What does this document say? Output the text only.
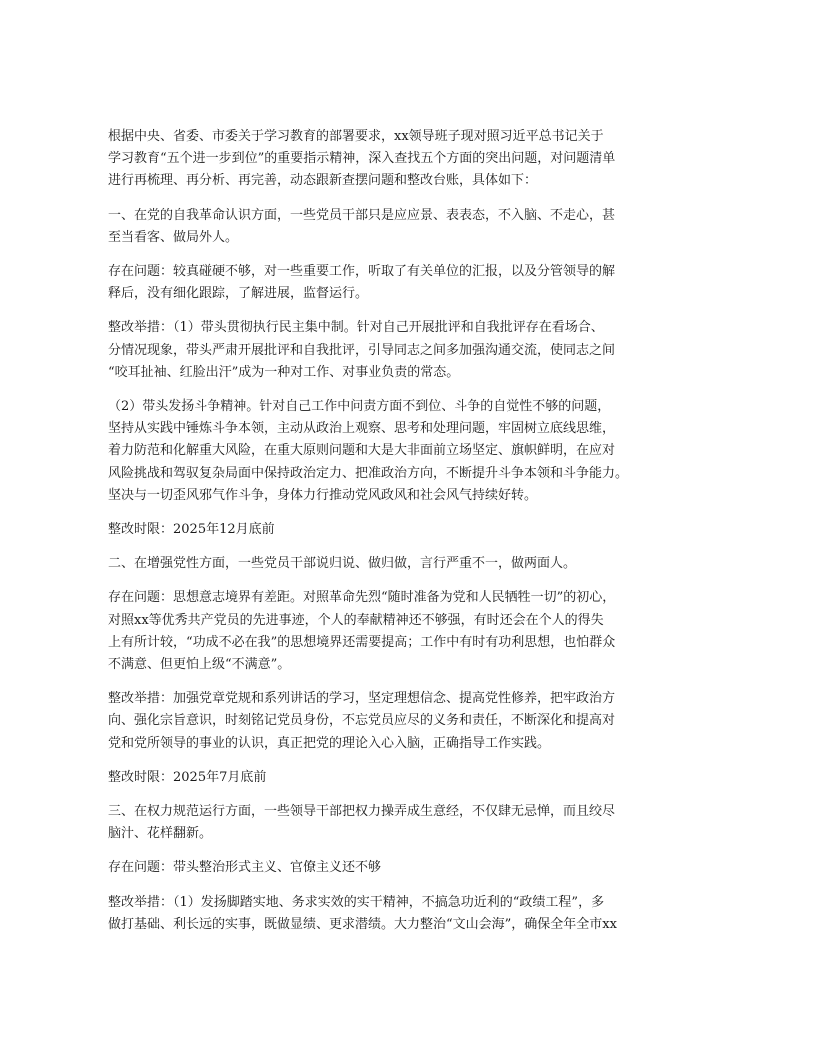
根据中央、省委、市委关于学习教育的部署要求，xx领导班子现对照习近平总书记关于
学习教育“五个进一步到位”的重要指示精神，深入查找五个方面的突出问题，对问题清单
进行再梳理、再分析、再完善，动态跟新查摆问题和整改台账，具体如下：

一、在党的自我革命认识方面，一些党员干部只是应应景、表表态，不入脑、不走心，甚
至当看客、做局外人。

存在问题：较真碰硬不够，对一些重要工作，听取了有关单位的汇报，以及分管领导的解
释后，没有细化跟踪，了解进展，监督运行。

整改举措：（1）带头贯彻执行民主集中制。针对自己开展批评和自我批评存在看场合、
分情况现象，带头严肃开展批评和自我批评，引导同志之间多加强沟通交流，使同志之间
“咬耳扯袖、红脸出汗”成为一种对工作、对事业负责的常态。

（2）带头发扬斗争精神。针对自己工作中问责方面不到位、斗争的自觉性不够的问题，
坚持从实践中锤炼斗争本领，主动从政治上观察、思考和处理问题，牢固树立底线思维，
着力防范和化解重大风险，在重大原则问题和大是大非面前立场坚定、旗帜鲜明，在应对
风险挑战和驾驭复杂局面中保持政治定力、把准政治方向，不断提升斗争本领和斗争能力。
坚决与一切歪风邪气作斗争，身体力行推动党风政风和社会风气持续好转。

整改时限：2025年12月底前

二、在增强党性方面，一些党员干部说归说、做归做，言行严重不一，做两面人。

存在问题：思想意志境界有差距。对照革命先烈“随时准备为党和人民牺牲一切”的初心，
对照xx等优秀共产党员的先进事迹，个人的奉献精神还不够强，有时还会在个人的得失
上有所计较，“功成不必在我”的思想境界还需要提高；工作中有时有功利思想，也怕群众
不满意、但更怕上级“不满意”。

整改举措：加强党章党规和系列讲话的学习，坚定理想信念、提高党性修养，把牢政治方
向、强化宗旨意识，时刻铭记党员身份，不忘党员应尽的义务和责任，不断深化和提高对
党和党所领导的事业的认识，真正把党的理论入心入脑，正确指导工作实践。

整改时限：2025年7月底前

三、在权力规范运行方面，一些领导干部把权力操弄成生意经，不仅肆无忌惮，而且绞尽
脑汁、花样翻新。

存在问题：带头整治形式主义、官僚主义还不够

整改举措：（1）发扬脚踏实地、务求实效的实干精神，不搞急功近利的“政绩工程”，多
做打基础、利长远的实事，既做显绩、更求潜绩。大力整治“文山会海”，确保全年全市xx
